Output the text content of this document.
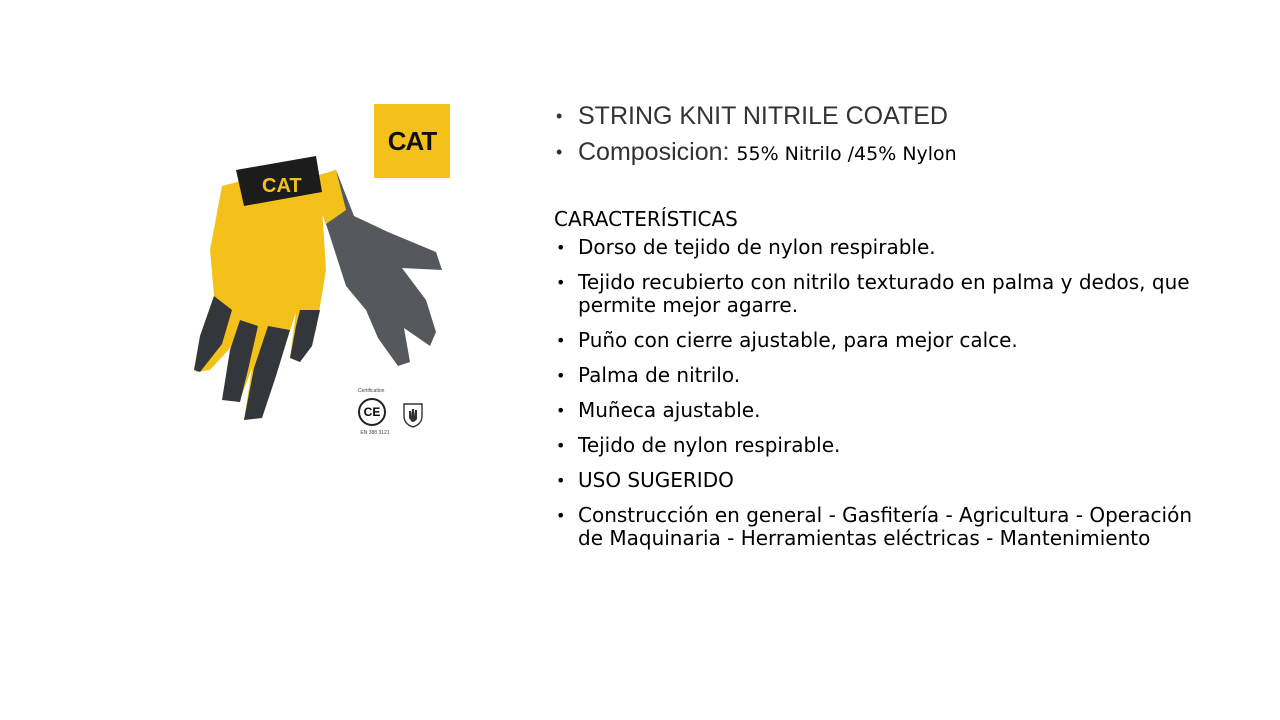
CAT
CAT
Certification
CE
EN 388 3121
• STRING KNIT NITRILE COATED
• Composicion: 55% Nitrilo /45% Nylon
CARACTERÍSTICAS
• Dorso de tejido de nylon respirable.
• Tejido recubierto con nitrilo texturado en palma y dedos, que permite mejor agarre.
• Puño con cierre ajustable, para mejor calce.
• Palma de nitrilo.
• Muñeca ajustable.
• Tejido de nylon respirable.
• USO SUGERIDO
• Construcción en general - Gasfitería - Agricultura - Operación de Maquinaria - Herramientas eléctricas - Mantenimiento
